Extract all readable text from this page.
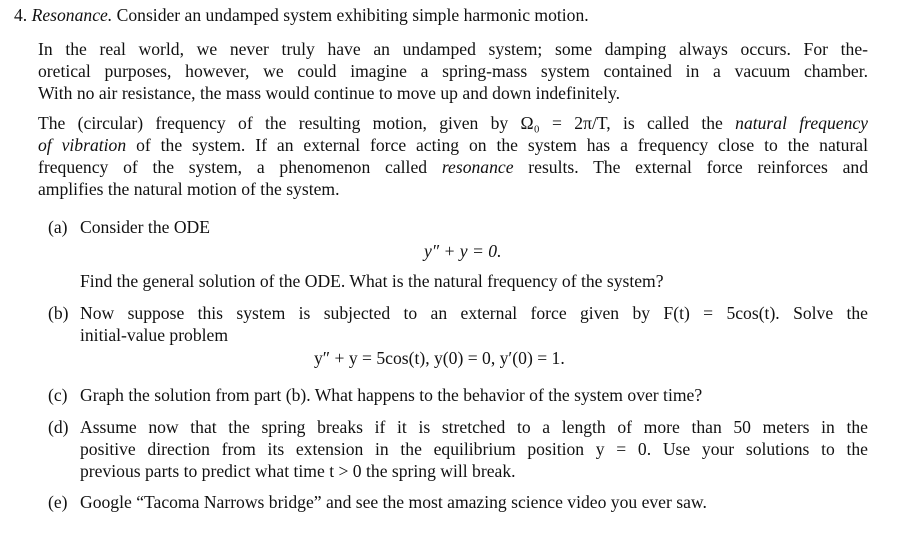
4. Resonance. Consider an undamped system exhibiting simple harmonic motion.
In the real world, we never truly have an undamped system; some damping always occurs. For the-
oretical purposes, however, we could imagine a spring-mass system contained in a vacuum chamber.
With no air resistance, the mass would continue to move up and down indefinitely.
The (circular) frequency of the resulting motion, given by Ω₀ = 2π/T, is called the natural frequency
of vibration of the system. If an external force acting on the system has a frequency close to the natural
frequency of the system, a phenomenon called resonance results. The external force reinforces and
amplifies the natural motion of the system.
(a) Consider the ODE
y″ + y = 0.
Find the general solution of the ODE. What is the natural frequency of the system?
(b) Now suppose this system is subjected to an external force given by F(t) = 5cos(t). Solve the
initial-value problem
y″ + y = 5cos(t), y(0) = 0, y′(0) = 1.
(c) Graph the solution from part (b). What happens to the behavior of the system over time?
(d) Assume now that the spring breaks if it is stretched to a length of more than 50 meters in the
positive direction from its extension in the equilibrium position y = 0. Use your solutions to the
previous parts to predict what time t > 0 the spring will break.
(e) Google “Tacoma Narrows bridge” and see the most amazing science video you ever saw.
